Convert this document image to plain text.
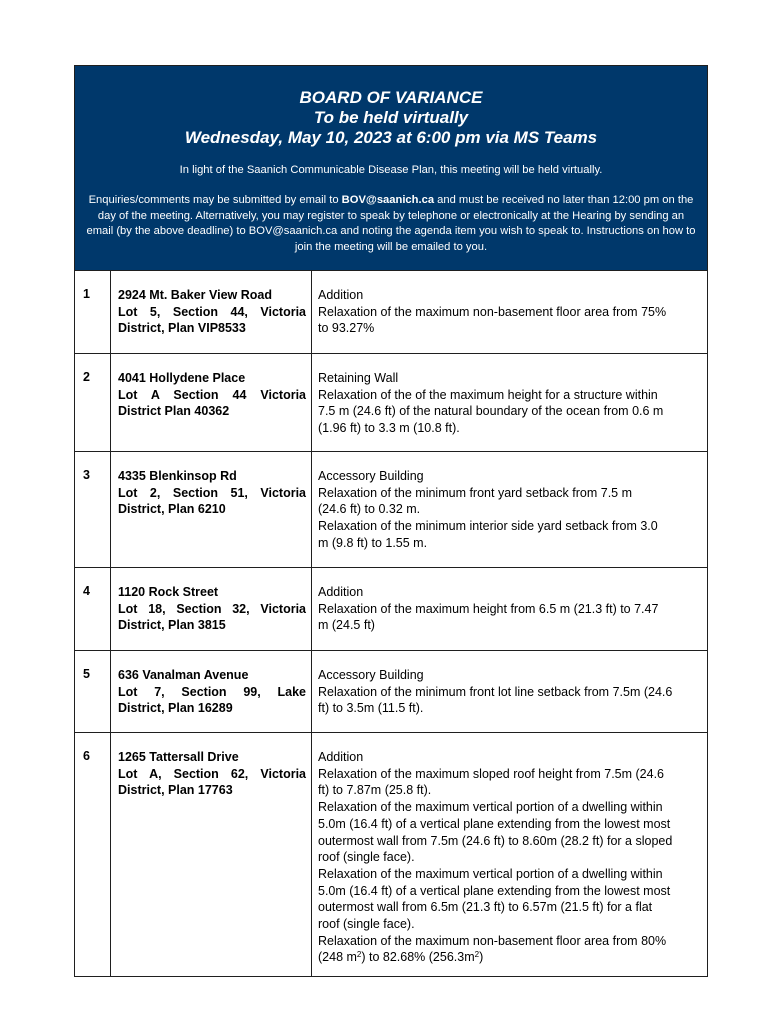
BOARD OF VARIANCE

To be held virtually

Wednesday, May 10, 2023 at 6:00 pm via MS Teams

In light of the Saanich Communicable Disease Plan, this meeting will be held virtually.
Enquiries/comments may be submitted by email to BOV@saanich.ca and must be received no later than 12:00 pm on the day of the meeting. Alternatively, you may register to speak by telephone or electronically at the Hearing by sending an email (by the above deadline) to BOV@saanich.ca and noting the agenda item you wish to speak to. Instructions on how to join the meeting will be emailed to you.
1 2924 Mt. Baker View Road
Lot 5, Section 44, Victoria
District, Plan VIP8533
Addition
Relaxation of the maximum non-basement floor area from 75%
to 93.27%
2 4041 Hollydene Place
Lot A Section 44 Victoria
District Plan 40362
Retaining Wall
Relaxation of the of the maximum height for a structure within
7.5 m (24.6 ft) of the natural boundary of the ocean from 0.6 m
(1.96 ft) to 3.3 m (10.8 ft).
3 4335 Blenkinsop Rd
Lot 2, Section 51, Victoria
District, Plan 6210
Accessory Building
Relaxation of the minimum front yard setback from 7.5 m
(24.6 ft) to 0.32 m.
Relaxation of the minimum interior side yard setback from 3.0
m (9.8 ft) to 1.55 m.
4 1120 Rock Street
Lot 18, Section 32, Victoria
District, Plan 3815
Addition
Relaxation of the maximum height from 6.5 m (21.3 ft) to 7.47
m (24.5 ft)
5 636 Vanalman Avenue
Lot 7, Section 99, Lake
District, Plan 16289
Accessory Building
Relaxation of the minimum front lot line setback from 7.5m (24.6
ft) to 3.5m (11.5 ft).
6 1265 Tattersall Drive
Lot A, Section 62, Victoria
District, Plan 17763
Addition
Relaxation of the maximum sloped roof height from 7.5m (24.6
ft) to 7.87m (25.8 ft).
Relaxation of the maximum vertical portion of a dwelling within
5.0m (16.4 ft) of a vertical plane extending from the lowest most
outermost wall from 7.5m (24.6 ft) to 8.60m (28.2 ft) for a sloped
roof (single face).
Relaxation of the maximum vertical portion of a dwelling within
5.0m (16.4 ft) of a vertical plane extending from the lowest most
outermost wall from 6.5m (21.3 ft) to 6.57m (21.5 ft) for a flat
roof (single face).
Relaxation of the maximum non-basement floor area from 80%
(248 $m^2$) to 82.68% $(256.3m^2)$
